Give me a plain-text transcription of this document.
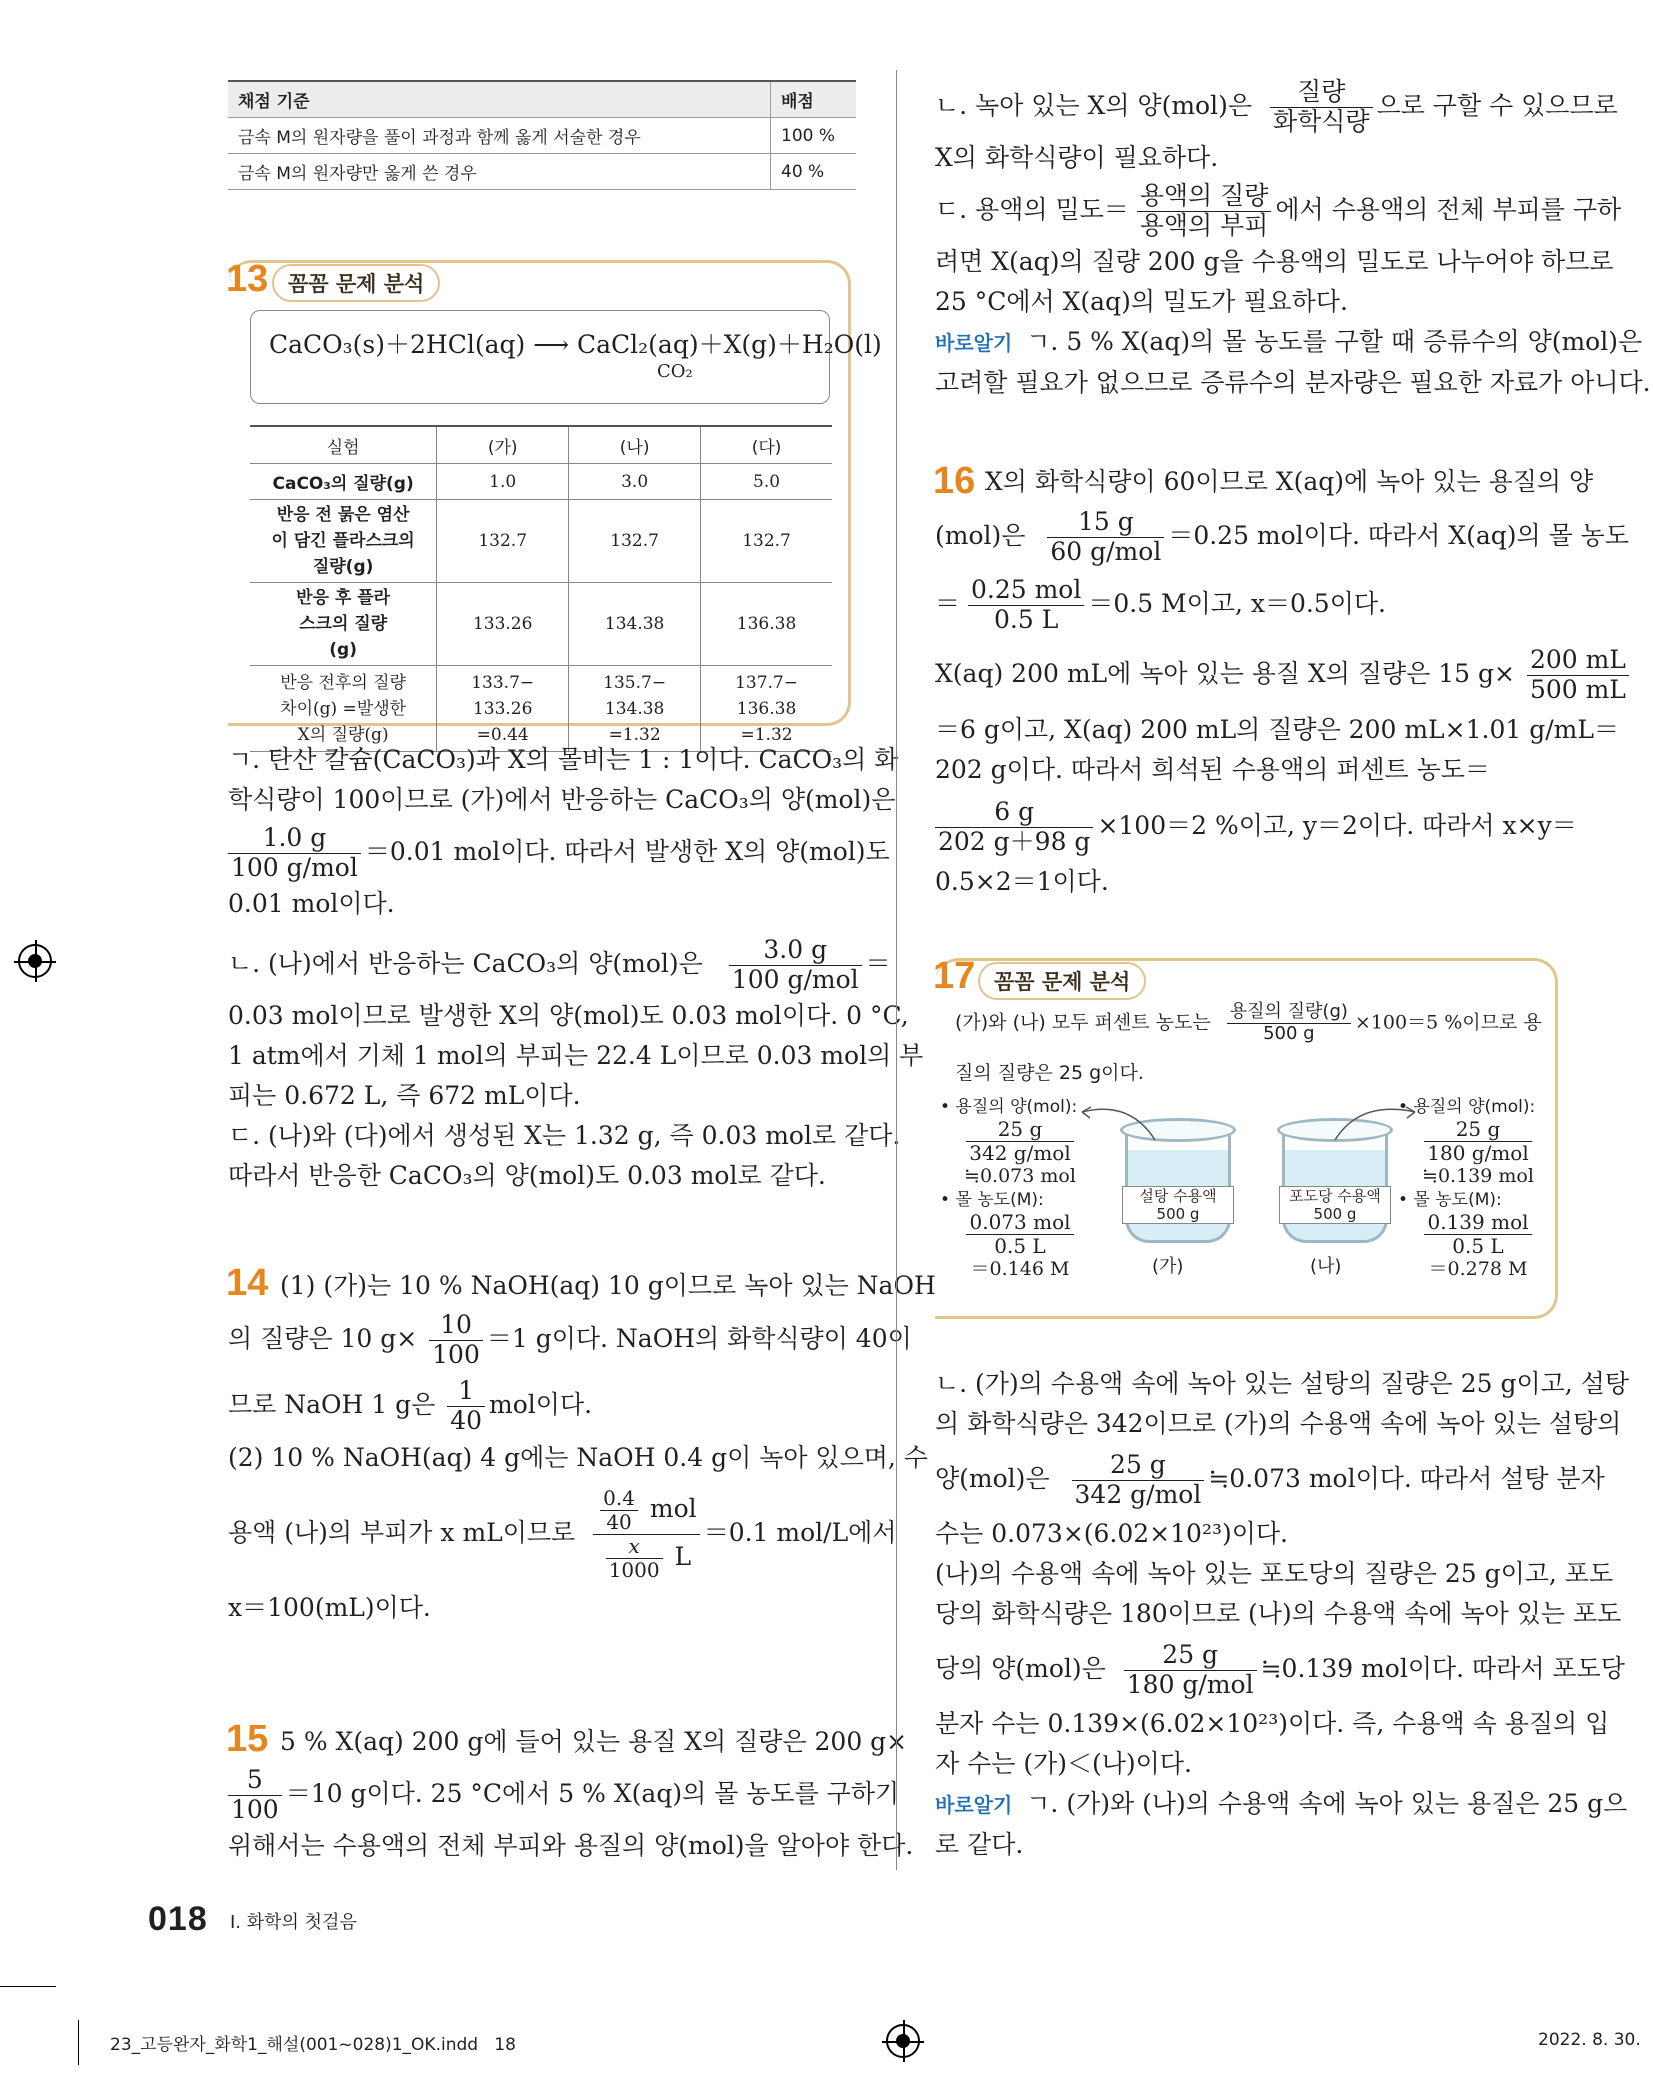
채점 기준	배점
금속 M의 원자량을 풀이 과정과 함께 옳게 서술한 경우	100 %
금속 M의 원자량만 옳게 쓴 경우	40 %
13 꼼꼼 문제 분석
CaCO₃(s)＋2HCl(aq) ⟶ CaCl₂(aq)＋X(g)＋H₂O(l)
CO₂
실험	(가)	(나)	(다)
CaCO₃의 질량(g)	1.0	3.0	5.0
반응 전 묽은 염산이 담긴 플라스크의 질량(g)	132.7	132.7	132.7
반응 후 플라스크의 질량(g)	133.26	134.38	136.38
반응 전후의 질량 차이(g) =발생한 X의 질량(g)	133.7− 133.26 =0.44	135.7− 134.38 =1.32	137.7− 136.38 =1.32

ㄱ. 탄산 칼슘(CaCO₃)과 X의 몰비는 1 : 1이다. CaCO₃의 화

학식량이 100이므로 (가)에서 반응하는 CaCO₃의 양(mol)은

$\frac{1.0 g}{\text{100 g/mol}} =0.01$ mol이다. 따라서 발생한 X의 양(mol)도

0.01 mol이다.

ㄴ. (나)에서 반응하는 CaCO₃의 양(mol)은 $\frac{3.0 g}{\text{100 g/mol}}$ ＝

0.03 mol이므로 발생한 X의 양(mol)도 0.03 mol이다. 0 °C,

1 atm에서 기체 1 mol의 부피는 22.4 L이므로 0.03 mol의 부

피는 0.672 L, 즉 672 mL이다.

ㄷ. (나)와 (다)에서 생성된 X는 1.32 g, 즉 0.03 mol로 같다.

따라서 반응한 CaCO₃의 양(mol)도 0.03 mol로 같다.

14 (1) (가)는 10 % NaOH(aq) 10 g이므로 녹아 있는 NaOH

의 질량은 10 $g\times \frac{10}{100} =1$ g이다. NaOH의 화학식량이 40이

므로 NaOH 1 g은 $\frac{1}{40}$ mol이다.

(2) 10 % NaOH(aq) 4 g에는 NaOH 0.4 g이 녹아 있으며, 수

용액 (나)의 부피가 x mL이므로 $\frac{\frac{0.4}{40} mol}{\frac{x}{1000} L} =0.1$ mol/L에서

x＝100(mL)이다.

15 5 % X(aq) 200 g에 들어 있는 용질 X의 질량은 200 g×

$\frac{5}{100} =10$ g이다. 25 °C에서 5 % X(aq)의 몰 농도를 구하기

위해서는 수용액의 전체 부피와 용질의 양(mol)을 알아야 한다.

ㄴ. 녹아 있는 X의 양(mol)은 $\frac{\text{질량}}{\text{화학식량}}$ 으로 구할 수 있으므로

X의 화학식량이 필요하다.

ㄷ. 용액의 밀도＝ $\frac{\text{용액의 질량}}{\text{용액의 부피}}$ 에서 수용액의 전체 부피를 구하

려면 X(aq)의 질량 200 g을 수용액의 밀도로 나누어야 하므로

25 °C에서 X(aq)의 밀도가 필요하다.

바로알기 ㄱ. 5 % X(aq)의 몰 농도를 구할 때 증류수의 양(mol)은

고려할 필요가 없으므로 증류수의 분자량은 필요한 자료가 아니다.

16 X의 화학식량이 60이므로 X(aq)에 녹아 있는 용질의 양

(mol)은 $\frac{15 g}{\text{60 g/mol}} =0.25$ mol이다. 따라서 X(aq)의 몰 농도

＝ $\frac{\text{0.25 mol}}{0.5 L} =0.5$ M이고, x＝0.5이다.

X(aq) 200 mL에 녹아 있는 용질 X의 질량은 15 $g\times \frac{200 mL}{500 mL}$

＝6 g이고, X(aq) 200 mL의 질량은 200 mL×1.01 g/mL＝

202 g이다. 따라서 희석된 수용액의 퍼센트 농도＝

$\frac{6 g}{202 g+98 g} \times 100=2$ %이고, y＝2이다. 따라서 x×y＝

0.5×2＝1이다.

17 꼼꼼 문제 분석
(가)와 (나) 모두 퍼센트 농도는 $\frac{\text{용질의 질량(g)}}{500 g} \times 100=5$ %이므로 용
질의 질량은 25 g이다.
• 용질의 양(mol):
$\frac{25 g}{\text{342 g/mol}}$
≒0.073 mol
• 몰 농도(M):
$\frac{\text{0.073 mol}}{0.5 L}$
＝0.146 M
설탕 수용액 500 g
(가)
포도당 수용액 500 g
(나)
• 용질의 양(mol):
$\frac{25 g}{\text{180 g/mol}}$
≒0.139 mol
• 몰 농도(M):
$\frac{\text{0.139 mol}}{0.5 L}$
＝0.278 M

ㄴ. (가)의 수용액 속에 녹아 있는 설탕의 질량은 25 g이고, 설탕

의 화학식량은 342이므로 (가)의 수용액 속에 녹아 있는 설탕의

양(mol)은 $\frac{25 g}{\text{342 g/mol}}$ ≒0.073 mol이다. 따라서 설탕 분자

수는 0.073×(6.02×10²³)이다.

(나)의 수용액 속에 녹아 있는 포도당의 질량은 25 g이고, 포도

당의 화학식량은 180이므로 (나)의 수용액 속에 녹아 있는 포도

당의 양(mol)은 $\frac{25 g}{\text{180 g/mol}}$ ≒0.139 mol이다. 따라서 포도당

분자 수는 0.139×(6.02×10²³)이다. 즉, 수용액 속 용질의 입

자 수는 (가)＜(나)이다.

바로알기 ㄱ. (가)와 (나)의 수용액 속에 녹아 있는 용질은 25 g으

로 같다.

018 I. 화학의 첫걸음
23_고등완자_화학1_해설(001~028)1_OK.indd   18	2022. 8. 30.
